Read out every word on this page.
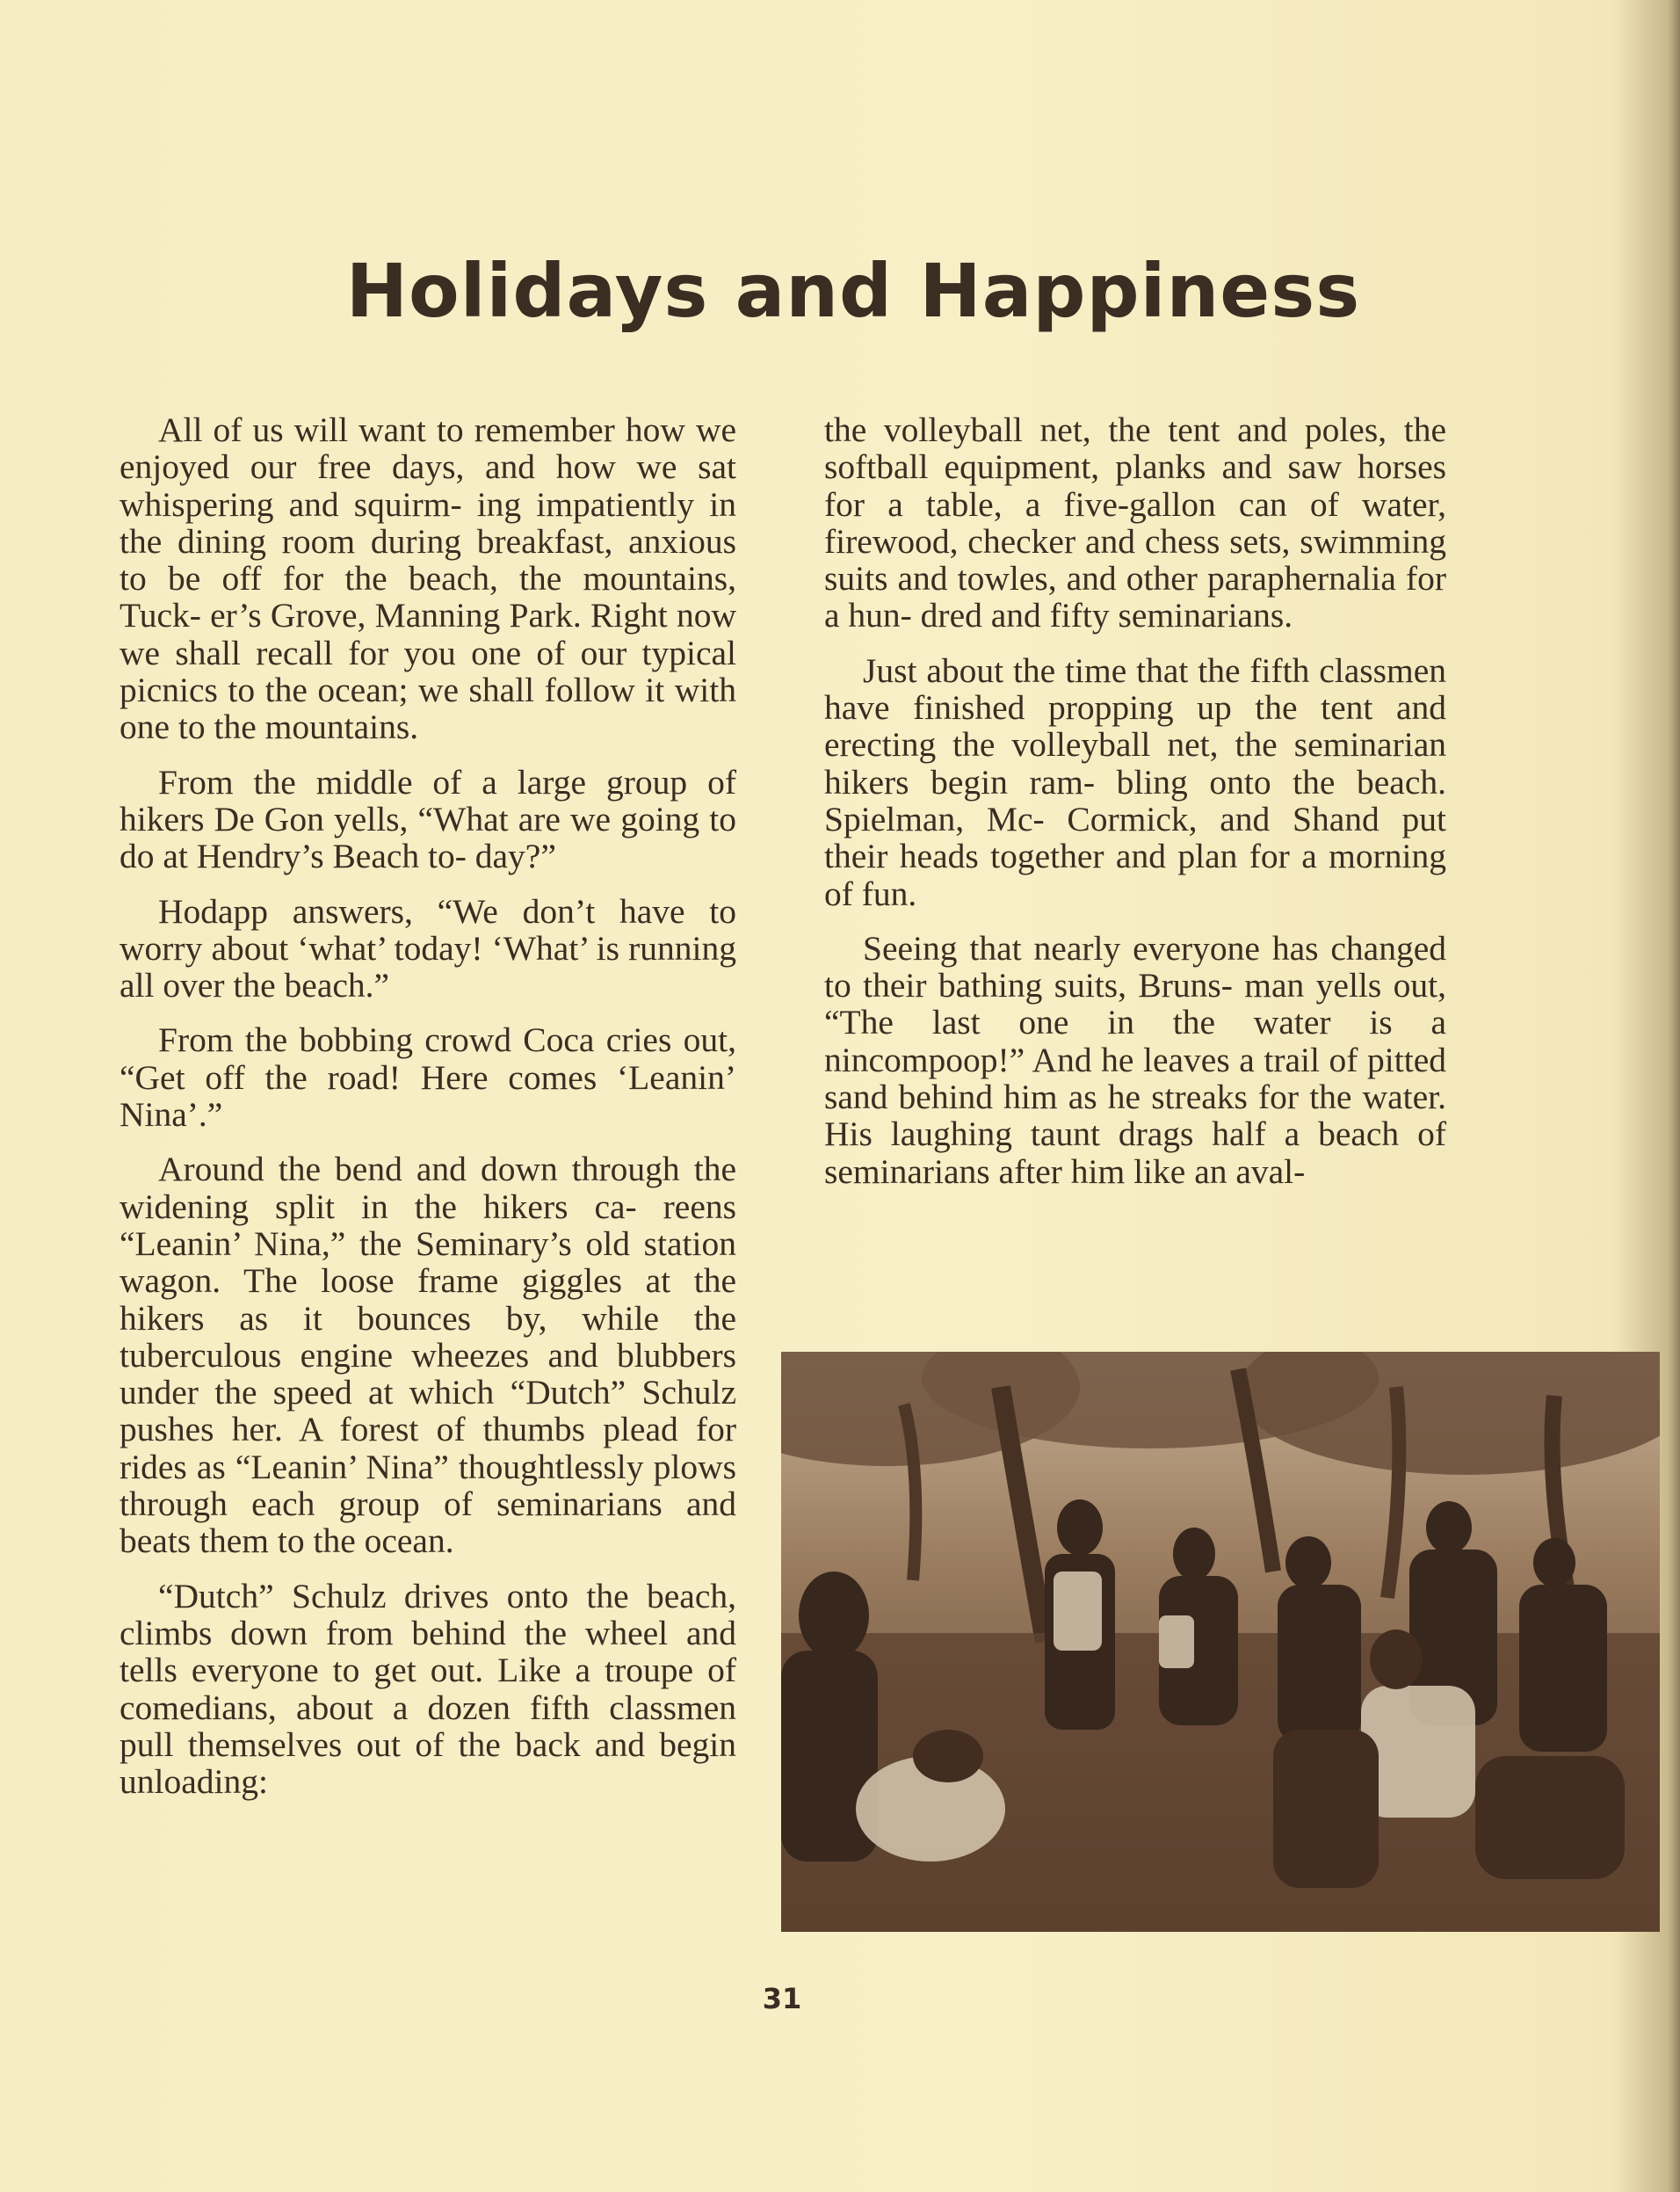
Holidays and Happiness

All of us will want to remember how we enjoyed our free days, and how we sat whispering and squirm- ing impatiently in the dining room during breakfast, anxious to be off for the beach, the mountains, Tuck- er’s Grove, Manning Park. Right now we shall recall for you one of our typical picnics to the ocean; we shall follow it with one to the mountains.

From the middle of a large group of hikers De Gon yells, “What are we going to do at Hendry’s Beach to- day?”

Hodapp answers, “We don’t have to worry about ‘what’ today! ‘What’ is running all over the beach.”

From the bobbing crowd Coca cries out, “Get off the road! Here comes ‘Leanin’ Nina’.”

Around the bend and down through the widening split in the hikers ca- reens “Leanin’ Nina,” the Seminary’s old station wagon. The loose frame giggles at the hikers as it bounces by, while the tuberculous engine wheezes and blubbers under the speed at which “Dutch” Schulz pushes her. A forest of thumbs plead for rides as “Leanin’ Nina” thoughtlessly plows through each group of seminarians and beats them to the ocean.

“Dutch” Schulz drives onto the beach, climbs down from behind the wheel and tells everyone to get out. Like a troupe of comedians, about a dozen fifth classmen pull themselves out of the back and begin unloading:

the volleyball net, the tent and poles, the softball equipment, planks and saw horses for a table, a five-gallon can of water, firewood, checker and chess sets, swimming suits and towles, and other paraphernalia for a hun- dred and fifty seminarians.

Just about the time that the fifth classmen have finished propping up the tent and erecting the volleyball net, the seminarian hikers begin ram- bling onto the beach. Spielman, Mc- Cormick, and Shand put their heads together and plan for a morning of fun.

Seeing that nearly everyone has changed to their bathing suits, Bruns- man yells out, “The last one in the water is a nincompoop!” And he leaves a trail of pitted sand behind him as he streaks for the water. His laughing taunt drags half a beach of seminarians after him like an aval-

31
